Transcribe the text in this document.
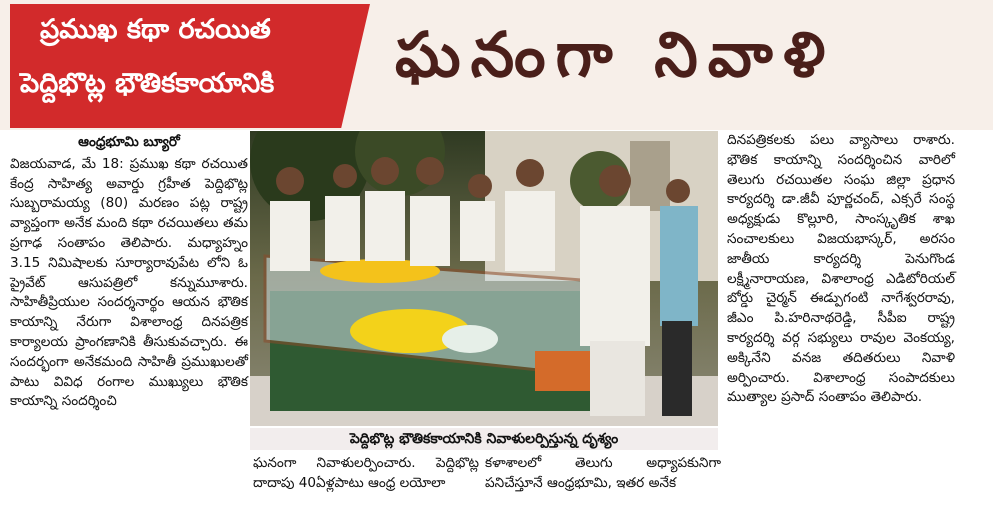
ప్రముఖ కథా రచయిత
పెద్దిభొట్ల భౌతికకాయానికి ఘనంగా నివాళి

ఆంధ్రభూమి బ్యూరో

విజయవాడ, మే 18: ప్రముఖ కథా రచయిత కేంద్ర సాహిత్య అవార్డు గ్రహీత పెద్దిభొట్ల సుబ్బరామయ్య (80) మరణం పట్ల రాష్ట్ర వ్యాప్తంగా అనేక మంది కథా రచయితలు తమ ప్రగాఢ సంతాపం తెలిపారు. మధ్యాహ్నం 3.15 నిమిషాలకు సూర్యారావుపేట లోని ఓ ప్రైవేట్ ఆసుపత్రిలో కన్నుమూశారు. సాహితీప్రియుల సందర్శనార్థం ఆయన భౌతిక కాయాన్ని నేరుగా విశాలాంధ్ర దినపత్రిక కార్యాలయ ప్రాంగణానికి తీసుకువచ్చారు. ఈ సందర్భంగా అనేకమంది సాహితీ ప్రముఖులతో పాటు వివిధ రంగాల ముఖ్యులు భౌతిక కాయాన్ని సందర్శించి

పెద్దిభొట్ల భౌతికకాయానికి నివాళులర్పిస్తున్న దృశ్యం

ఘనంగా నివాళులర్పించారు. పెద్దిభొట్ల దాదాపు 40ఏళ్లపాటు ఆంధ్ర లయోలా

కళాశాలలో తెలుగు అధ్యాపకునిగా పనిచేస్తూనే ఆంధ్రభూమి, ఇతర అనేక

దినపత్రికలకు పలు వ్యాసాలు రాశారు. భౌతిక కాయాన్ని సందర్శించిన వారిలో తెలుగు రచయితల సంఘ జిల్లా ప్రధాన కార్యదర్శి డా.జీవీ పూర్ణచంద్, ఎక్సరే సంస్థ అధ్యక్షుడు కొల్లూరి, సాంస్కృతిక శాఖ సంచాలకులు విజయభాస్కర్, అరసం జాతీయ కార్యదర్శి పెనుగొండ లక్ష్మీనారాయణ, విశాలాంధ్ర ఎడిటోరియల్ బోర్డు చైర్మన్ ఈడ్పుగంటి నాగేశ్వరరావు, జీఎం పి.హరినాథరెడ్డి, సీపీఐ రాష్ట్ర కార్యదర్శి వర్గ సభ్యులు రావుల వెంకయ్య, అక్కినేని వనజ తదితరులు నివాళి అర్పించారు. విశాలాంధ్ర సంపాదకులు ముత్యాల ప్రసాద్ సంతాపం తెలిపారు.
